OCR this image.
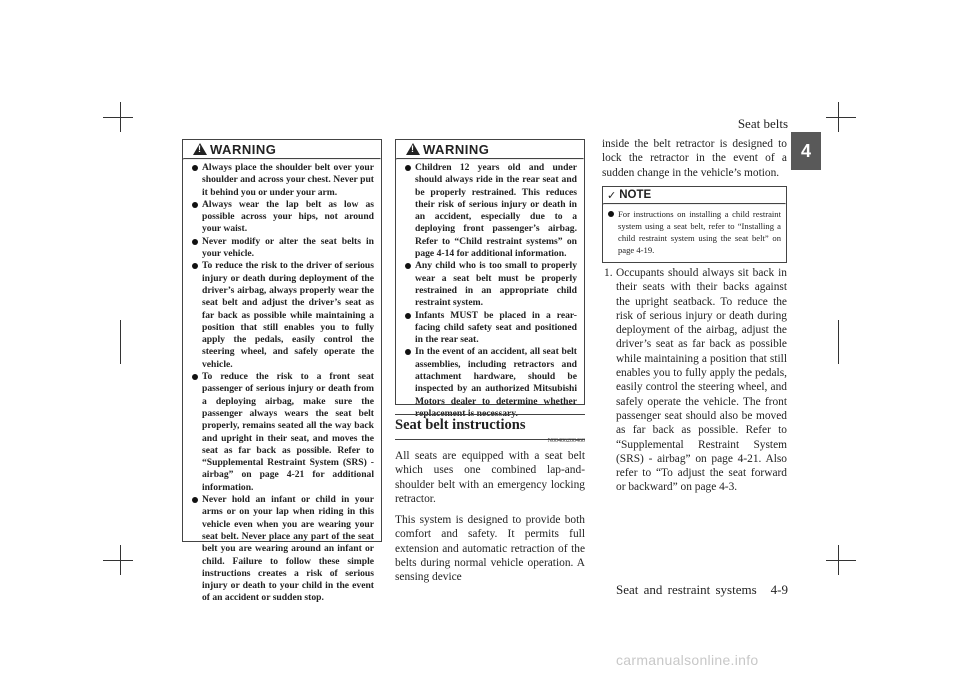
Seat belts
4
!
WARNING
Always place the shoulder belt over your shoulder and across your chest. Never put it behind you or under your arm.
Always wear the lap belt as low as possible across your hips, not around your waist.
Never modify or alter the seat belts in your vehicle.
To reduce the risk to the driver of serious injury or death during deployment of the driver’s airbag, always properly wear the seat belt and adjust the driver’s seat as far back as possible while maintaining a position that still enables you to fully apply the pedals, easily control the steering wheel, and safely operate the vehicle.
To reduce the risk to a front seat passenger of serious injury or death from a deploying airbag, make sure the passenger always wears the seat belt properly, remains seated all the way back and upright in their seat, and moves the seat as far back as possible. Refer to “Supplemental Restraint System (SRS) - airbag” on page 4-21 for additional information.
Never hold an infant or child in your arms or on your lap when riding in this vehicle even when you are wearing your seat belt. Never place any part of the seat belt you are wearing around an infant or child. Failure to follow these simple instructions creates a risk of serious injury or death to your child in the event of an accident or sudden stop.
!
WARNING
Children 12 years old and under should always ride in the rear seat and be properly restrained. This reduces their risk of serious injury or death in an accident, especially due to a deploying front passenger’s airbag. Refer to “Child restraint systems” on page 4-14 for additional information.
Any child who is too small to properly wear a seat belt must be properly restrained in an appropriate child restraint system.
Infants MUST be placed in a rear-facing child safety seat and positioned in the rear seat.
In the event of an accident, all seat belt assemblies, including retractors and attachment hardware, should be inspected by an authorized Mitsubishi Motors dealer to determine whether replacement is necessary.
Seat belt instructions
N00406200460

All seats are equipped with a seat belt which uses one combined lap-and-shoulder belt with an emergency locking retractor.

This system is designed to provide both comfort and safety. It permits full extension and automatic retraction of the belts during normal vehicle operation. A sensing device

inside the belt retractor is designed to lock the retractor in the event of a sudden change in the vehicle’s motion.

✓ NOTE
For instructions on installing a child restraint system using a seat belt, refer to “Installing a child restraint system using the seat belt” on page 4-19.
1. Occupants should always sit back in their seats with their backs against the upright seatback. To reduce the risk of serious injury or death during deployment of the airbag, adjust the driver’s seat as far back as possible while maintaining a position that still enables you to fully apply the pedals, easily control the steering wheel, and safely operate the vehicle. The front passenger seat should also be moved as far back as possible. Refer to “Supplemental Restraint System (SRS) - airbag” on page 4-21. Also refer to “To adjust the seat forward or backward” on page 4-3.
Seat and restraint systems 4-9
carmanualsonline.info
